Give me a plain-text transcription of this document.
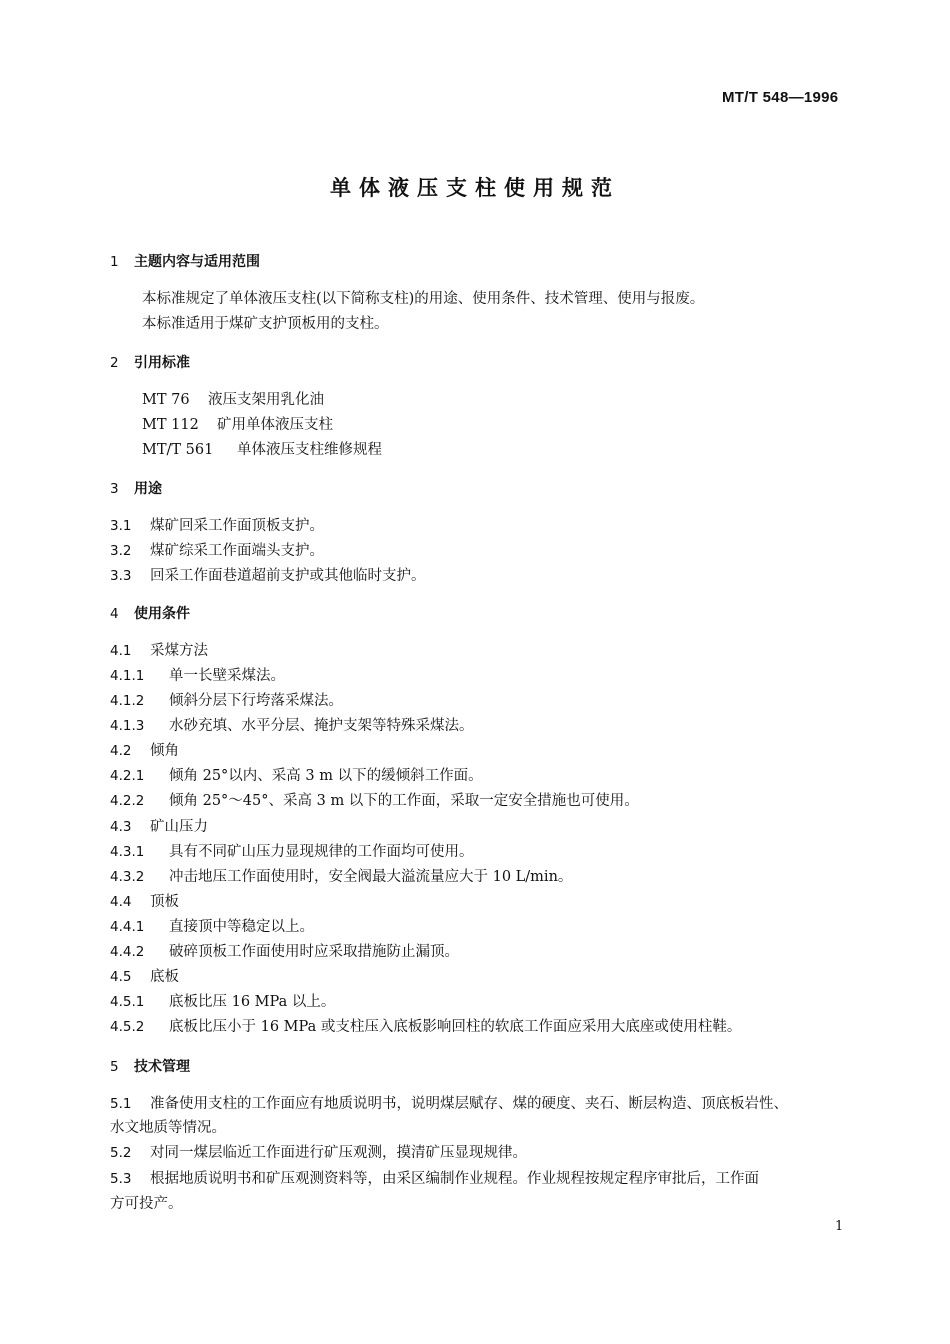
MT/T 548—1996
单体液压支柱使用规范
1 主题内容与适用范围
本标准规定了单体液压支柱(以下简称支柱)的用途、使用条件、技术管理、使用与报废。
本标准适用于煤矿支护顶板用的支柱。
2 引用标准
MT 76 液压支架用乳化油
MT 112 矿用单体液压支柱
MT/T 561 单体液压支柱维修规程
3 用途
3.1 煤矿回采工作面顶板支护。
3.2 煤矿综采工作面端头支护。
3.3 回采工作面巷道超前支护或其他临时支护。
4 使用条件
4.1 采煤方法
4.1.1 单一长壁采煤法。
4.1.2 倾斜分层下行垮落采煤法。
4.1.3 水砂充填、水平分层、掩护支架等特殊采煤法。
4.2 倾角
4.2.1 倾角 25°以内、采高 3 m 以下的缓倾斜工作面。
4.2.2 倾角 25°～45°、采高 3 m 以下的工作面，采取一定安全措施也可使用。
4.3 矿山压力
4.3.1 具有不同矿山压力显现规律的工作面均可使用。
4.3.2 冲击地压工作面使用时，安全阀最大溢流量应大于 10 L/min。
4.4 顶板
4.4.1 直接顶中等稳定以上。
4.4.2 破碎顶板工作面使用时应采取措施防止漏顶。
4.5 底板
4.5.1 底板比压 16 MPa 以上。
4.5.2 底板比压小于 16 MPa 或支柱压入底板影响回柱的软底工作面应采用大底座或使用柱鞋。
5 技术管理
5.1 准备使用支柱的工作面应有地质说明书，说明煤层赋存、煤的硬度、夹石、断层构造、顶底板岩性、
水文地质等情况。
5.2 对同一煤层临近工作面进行矿压观测，摸清矿压显现规律。
5.3 根据地质说明书和矿压观测资料等，由采区编制作业规程。作业规程按规定程序审批后，工作面
方可投产。
1
